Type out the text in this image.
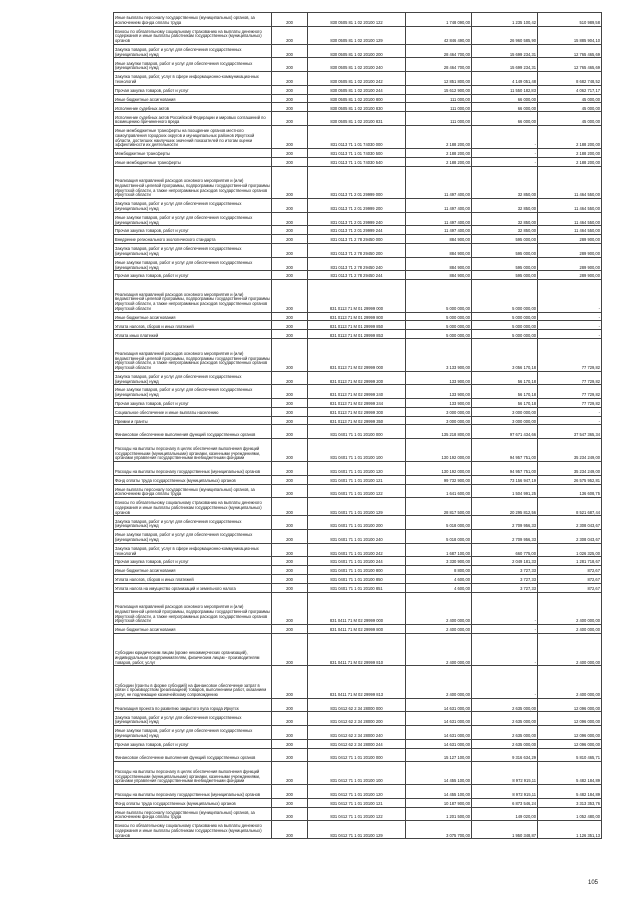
Иные выплаты персоналу государственных (муниципальных) органов, за исключением фонда оплаты труда	200	830 0505 81 1 02 20100 122	1 748 090,00	1 235 100,42	510 989,58
Взносы по обязательному социальному страхованию на выплаты денежного содержания и иные выплаты работникам государственных (муниципальных) органов	200	830 0505 81 1 02 20100 129	42 846 490,00	26 960 585,90	15 885 904,10
Закупка товаров, работ и услуг для обеспечения государственных (муниципальных) нужд	200	830 0505 81 1 02 20100 200	28 464 700,00	15 699 234,31	12 765 465,69
Иные закупки товаров, работ и услуг для обеспечения государственных (муниципальных) нужд	200	830 0505 81 1 02 20100 240	28 464 700,00	15 699 234,31	12 765 465,69
Закупка товаров, работ, услуг в сфере информационно-коммуникационных технологий	200	830 0505 81 1 02 20100 242	12 851 800,00	4 149 051,48	8 682 748,52
Прочая закупка товаров, работ и услуг	200	830 0505 81 1 02 20100 244	15 612 900,00	11 550 182,83	4 062 717,17
Иные бюджетные ассигнования	200	830 0505 81 1 02 20100 800	111 000,00	66 000,00	45 000,00
Исполнение судебных актов	200	830 0505 81 1 02 20100 830	111 000,00	66 000,00	45 000,00
Исполнение судебных актов Российской Федерации и мировых соглашений по возмещению причиненного вреда	200	830 0505 81 1 02 20100 831	111 000,00	66 000,00	45 000,00
Иные межбюджетные трансферты на поощрение органов местного самоуправления городских округов и муниципальных районов Иркутской области, достигших наилучших значений показателей по итогам оценки эффективности их деятельности	200	831 0113 71 1 01 74030 000	2 188 200,00	-	2 188 200,00
Межбюджетные трансферты	200	831 0113 71 1 01 74030 500	2 188 200,00	-	2 188 200,00
Иные межбюджетные трансферты	200	831 0113 71 1 01 74030 540	2 188 200,00	-	2 188 200,00
Реализация направлений расходов основного мероприятия и (или) ведомственной целевой программы, подпрограммы государственной программы Иркутской области, а также непрограммных расходов государственных органов Иркутской области	200	831 0113 71 2 01 29999 000	11 497 400,00	32 850,00	11 464 550,00
Закупка товаров, работ и услуг для обеспечения государственных (муниципальных) нужд	200	831 0113 71 2 01 29999 200	11 497 400,00	32 850,00	11 464 550,00
Иные закупки товаров, работ и услуг для обеспечения государственных (муниципальных) нужд	200	831 0113 71 2 01 29999 240	11 497 400,00	32 850,00	11 464 550,00
Прочая закупка товаров, работ и услуг	200	831 0113 71 2 01 29999 244	11 497 400,00	32 850,00	11 464 550,00
Внедрение регионального экологического стандарта	200	831 0113 71 2 78 29450 000	884 900,00	595 000,00	289 900,00
Закупка товаров, работ и услуг для обеспечения государственных (муниципальных) нужд	200	831 0113 71 2 78 29450 200	884 900,00	595 000,00	289 900,00
Иные закупки товаров, работ и услуг для обеспечения государственных (муниципальных) нужд	200	831 0113 71 2 78 29450 240	884 900,00	595 000,00	289 900,00
Прочая закупка товаров, работ и услуг	200	831 0113 71 2 78 29450 244	884 900,00	595 000,00	289 900,00
Реализация направлений расходов основного мероприятия и (или) ведомственной целевой программы, подпрограммы государственной программы Иркутской области, а также непрограммных расходов государственных органов Иркутской области	200	831 0113 71 М 01 29999 000	5 000 000,00	5 000 000,00	-
Иные бюджетные ассигнования	200	831 0113 71 М 01 29999 800	5 000 000,00	5 000 000,00	-
Уплата налогов, сборов и иных платежей	200	831 0113 71 М 01 29999 850	5 000 000,00	5 000 000,00	-
Уплата иных платежей	200	831 0113 71 М 01 29999 853	5 000 000,00	5 000 000,00	-
Реализация направлений расходов основного мероприятия и (или) ведомственной целевой программы, подпрограммы государственной программы Иркутской области, а также непрограммных расходов государственных органов Иркутской области	200	831 0113 71 М 02 29999 000	3 133 900,00	3 056 170,18	77 729,82
Закупка товаров, работ и услуг для обеспечения государственных (муниципальных) нужд	200	831 0113 71 М 02 29999 200	133 900,00	56 170,18	77 729,82
Иные закупки товаров, работ и услуг для обеспечения государственных (муниципальных) нужд	200	831 0113 71 М 02 29999 240	133 900,00	56 170,18	77 729,82
Прочая закупка товаров, работ и услуг	200	831 0113 71 М 02 29999 244	133 900,00	56 170,18	77 729,82
Социальное обеспечение и иные выплаты населению	200	831 0113 71 М 02 29999 300	3 000 000,00	3 000 000,00	-
Премии и гранты	200	831 0113 71 М 02 29999 350	3 000 000,00	3 000 000,00	-
Финансовое обеспечение выполнения функций государственных органов	200	831 0401 71 1 01 20100 000	135 218 800,00	97 671 434,66	37 547 365,34
Расходы на выплаты персоналу в целях обеспечения выполнения функций государственными (муниципальными) органами, казенными учреждениями, органами управления государственными внебюджетными фондами	200	831 0401 71 1 01 20100 100	130 192 000,00	94 957 751,00	35 234 249,00
Расходы на выплаты персоналу государственных (муниципальных) органов	200	831 0401 71 1 01 20100 120	130 192 000,00	94 957 751,00	35 234 249,00
Фонд оплаты труда государственных (муниципальных) органов	200	831 0401 71 1 01 20100 121	99 732 900,00	73 156 947,19	26 575 952,81
Иные выплаты персоналу государственных (муниципальных) органов, за исключением фонда оплаты труда	200	831 0401 71 1 01 20100 122	1 641 600,00	1 504 991,25	136 608,75
Взносы по обязательному социальному страхованию на выплаты денежного содержания и иные выплаты работникам государственных (муниципальных) органов	200	831 0401 71 1 01 20100 129	28 817 500,00	20 295 812,56	8 521 687,44
Закупка товаров, работ и услуг для обеспечения государственных (муниципальных) нужд	200	831 0401 71 1 01 20100 200	5 018 000,00	2 709 956,33	2 308 043,67
Иные закупки товаров, работ и услуг для обеспечения государственных (муниципальных) нужд	200	831 0401 71 1 01 20100 240	5 018 000,00	2 709 956,33	2 308 043,67
Закупка товаров, работ, услуг в сфере информационно-коммуникационных технологий	200	831 0401 71 1 01 20100 242	1 687 100,00	660 775,00	1 026 325,00
Прочая закупка товаров, работ и услуг	200	831 0401 71 1 01 20100 244	3 330 900,00	2 049 181,33	1 281 718,67
Иные бюджетные ассигнования	200	831 0401 71 1 01 20100 800	8 800,00	3 727,33	872,67
Уплата налогов, сборов и иных платежей	200	831 0401 71 1 01 20100 850	4 600,00	3 727,33	872,67
Уплата налога на имущество организаций и земельного налога	200	831 0401 71 1 01 20100 851	4 600,00	3 727,33	872,67
Реализация направлений расходов основного мероприятия и (или) ведомственной целевой программы, подпрограммы государственной программы Иркутской области, а также непрограммных расходов государственных органов Иркутской области	200	831 0411 71 М 02 29999 000	2 400 000,00	-	2 400 000,00
Иные бюджетные ассигнования	200	831 0411 71 М 02 29999 800	2 400 000,00	-	2 400 000,00
Субсидии юридическим лицам (кроме некоммерческих организаций), индивидуальным предпринимателям, физическим лицам - производителям товаров, работ, услуг	200	831 0411 71 М 02 29999 810	2 400 000,00	-	2 400 000,00
Субсидии (гранты в форме субсидий) на финансовое обеспечение затрат в связи с производством (реализацией) товаров, выполнением работ, оказанием услуг, не подлежащие казначейскому сопровождению	200	831 0411 71 М 02 29999 813	2 400 000,00	-	2 400 000,00
Реализация проекта по развитию закрытого пула города Иркутск	200	831 0412 62 2 34 28000 000	14 631 000,00	2 635 000,00	12 096 000,00
Закупка товаров, работ и услуг для обеспечения государственных (муниципальных) нужд	200	831 0412 62 2 34 28000 200	14 631 000,00	2 635 000,00	12 096 000,00
Иные закупки товаров, работ и услуг для обеспечения государственных (муниципальных) нужд	200	831 0412 62 2 34 28000 240	14 631 000,00	2 635 000,00	12 096 000,00
Прочая закупка товаров, работ и услуг	200	831 0412 62 2 34 28000 244	14 631 000,00	2 635 000,00	12 096 000,00
Финансовое обеспечение выполнения функций государственных органов	200	831 0412 71 1 01 20100 000	15 127 100,00	9 316 634,29	5 810 465,71
Расходы на выплаты персоналу в целях обеспечения выполнения функций государственными (муниципальными) органами, казенными учреждениями, органами управления государственными внебюджетными фондами	200	831 0412 71 1 01 20100 100	14 455 100,00	8 972 915,11	5 482 184,89
Расходы на выплаты персоналу государственных (муниципальных) органов	200	831 0412 71 1 01 20100 120	14 455 100,00	8 972 915,11	5 482 184,89
Фонд оплаты труда государственных (муниципальных) органов	200	831 0412 71 1 01 20100 121	10 187 900,00	6 873 546,24	3 313 353,76
Иные выплаты персоналу государственных (муниципальных) органов, за исключением фонда оплаты труда	200	831 0412 71 1 01 20100 122	1 201 500,00	149 020,00	1 052 480,00
Взносы по обязательному социальному страхованию на выплаты денежного содержания и иные выплаты работникам государственных (муниципальных) органов	200	831 0412 71 1 01 20100 129	3 075 700,00	1 950 348,87	1 126 351,13
105
